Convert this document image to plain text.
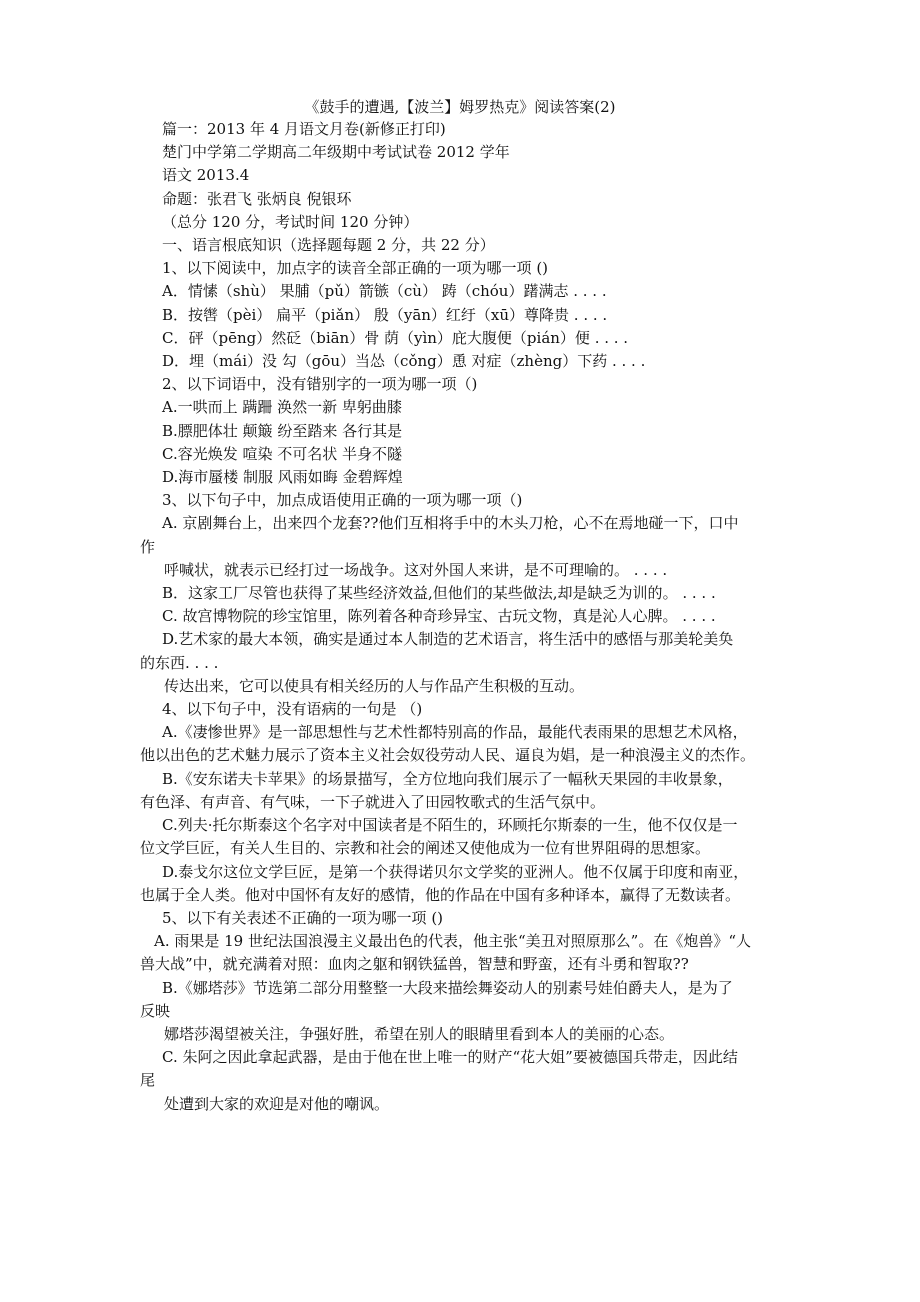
《鼓手的遭遇,【波兰】姆罗热克》阅读答案(2)
篇一：2013 年 4 月语文月卷(新修正打印)
楚门中学第二学期高二年级期中考试试卷 2012 学年
语文 2013.4
命题：张君飞 张炳良 倪银环
（总分 120 分，考试时间 120 分钟）
一、语言根底知识（选择题每题 2 分，共 22 分）
1、以下阅读中，加点字的读音全部正确的一项为哪一项 ()
A．情愫（shù） 果脯（pǔ）箭镞（cù） 踌（chóu）躇满志 . . . .
B．按辔（pèi） 扁平（piǎn） 殷（yān）红纡（xū）尊降贵 . . . .
C．砰（pēng）然砭（biān）骨 荫（yìn）庇大腹便（pián）便 . . . .
D．埋（mái）没 勾（gōu）当怂（cǒng）恿 对症（zhèng）下药 . . . .
2、以下词语中，没有错别字的一项为哪一项（)
A.一哄而上 蹒跚 涣然一新 卑躬曲膝
B.膘肥体壮 颠簸 纷至踏来 各行其是
C.容光焕发 喧染 不可名状 半身不隧
D.海市蜃楼 制服 风雨如晦 金碧辉煌
3、以下句子中，加点成语使用正确的一项为哪一项（)
A. 京剧舞台上，出来四个龙套??他们互相将手中的木头刀枪，心不在焉地碰一下，口中
作
呼喊状，就表示已经打过一场战争。这对外国人来讲，是不可理喻的。 . . . .
B．这家工厂尽管也获得了某些经济效益,但他们的某些做法,却是缺乏为训的。 . . . .
C. 故宫博物院的珍宝馆里，陈列着各种奇珍异宝、古玩文物，真是沁人心脾。 . . . .
D.艺术家的最大本领，确实是通过本人制造的艺术语言，将生活中的感悟与那美轮美奂
的东西. . . .
传达出来，它可以使具有相关经历的人与作品产生积极的互动。
4、以下句子中，没有语病的一句是 （)
A.《凄惨世界》是一部思想性与艺术性都特别高的作品，最能代表雨果的思想艺术风格，
他以出色的艺术魅力展示了资本主义社会奴役劳动人民、逼良为娼，是一种浪漫主义的杰作。
B.《安东诺夫卡苹果》的场景描写，全方位地向我们展示了一幅秋天果园的丰收景象，
有色泽、有声音、有气味，一下子就进入了田园牧歌式的生活气氛中。
C.列夫·托尔斯泰这个名字对中国读者是不陌生的，环顾托尔斯泰的一生，他不仅仅是一
位文学巨匠，有关人生目的、宗教和社会的阐述又使他成为一位有世界阻碍的思想家。
D.泰戈尔这位文学巨匠，是第一个获得诺贝尔文学奖的亚洲人。他不仅属于印度和南亚，
也属于全人类。他对中国怀有友好的感情，他的作品在中国有多种译本，赢得了无数读者。
5、以下有关表述不正确的一项为哪一项 ()
A. 雨果是 19 世纪法国浪漫主义最出色的代表，他主张“美丑对照原那么”。在《炮兽》“人
兽大战”中，就充满着对照：血肉之躯和钢铁猛兽，智慧和野蛮，还有斗勇和智取??
B.《娜塔莎》节选第二部分用整整一大段来描绘舞姿动人的别素号娃伯爵夫人，是为了
反映
娜塔莎渴望被关注，争强好胜，希望在别人的眼睛里看到本人的美丽的心态。
C. 朱阿之因此拿起武器，是由于他在世上唯一的财产“花大姐”要被德国兵带走，因此结
尾
处遭到大家的欢迎是对他的嘲讽。
